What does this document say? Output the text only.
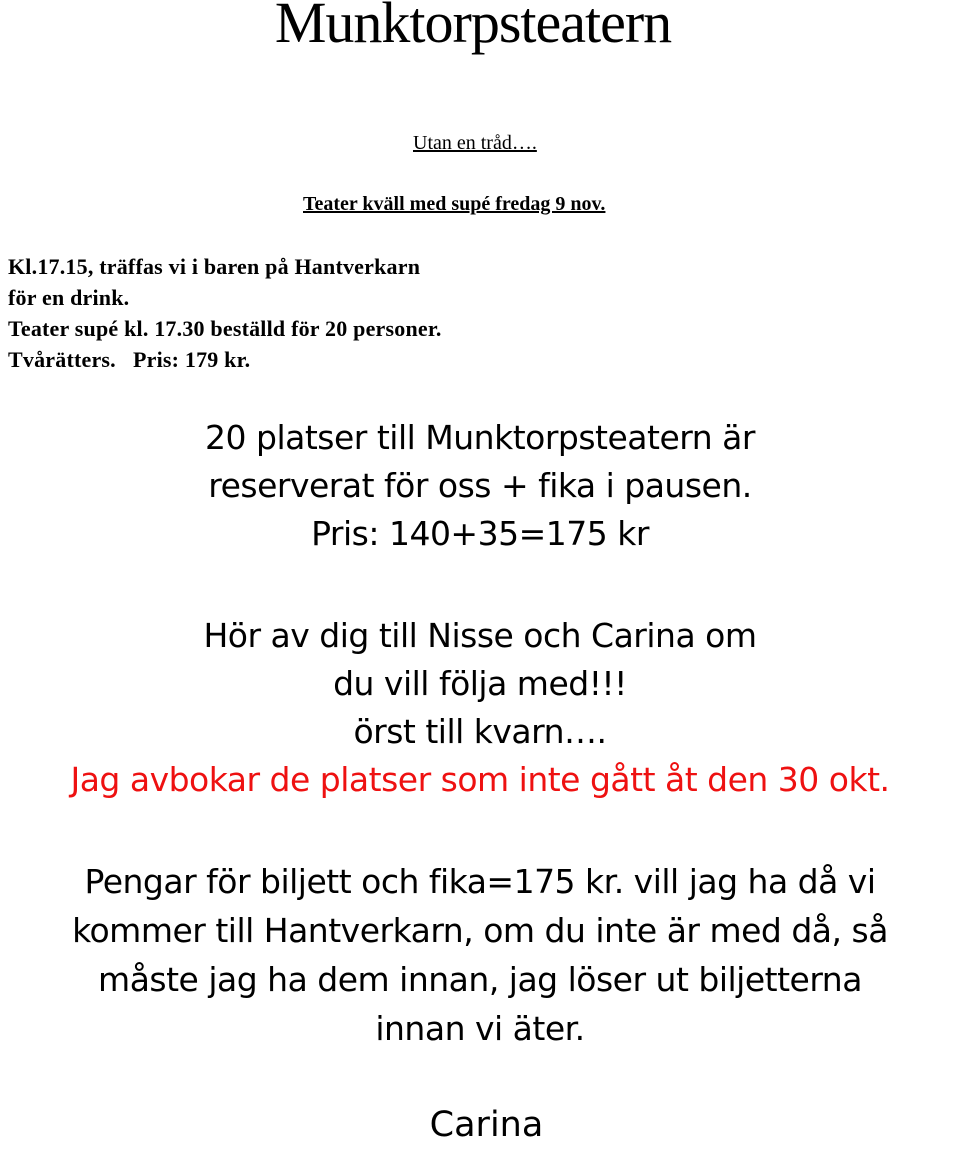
Munktorpsteatern
Utan en tråd….
Teater kväll med supé fredag 9 nov.
Kl.17.15, träffas vi i baren på Hantverkarn
för en drink.
Teater supé kl. 17.30 beställd för 20 personer.
Tvårätters.   Pris: 179 kr.
20 platser till Munktorpsteatern är
reserverat för oss + fika i pausen.
Pris: 140+35=175 kr
Hör av dig till Nisse och Carina om
du vill följa med!!!
örst till kvarn….
Jag avbokar de platser som inte gått åt den 30 okt.
Pengar för biljett och fika=175 kr. vill jag ha då vi
kommer till Hantverkarn, om du inte är med då, så
måste jag ha dem innan, jag löser ut biljetterna
innan vi äter.
Carina
